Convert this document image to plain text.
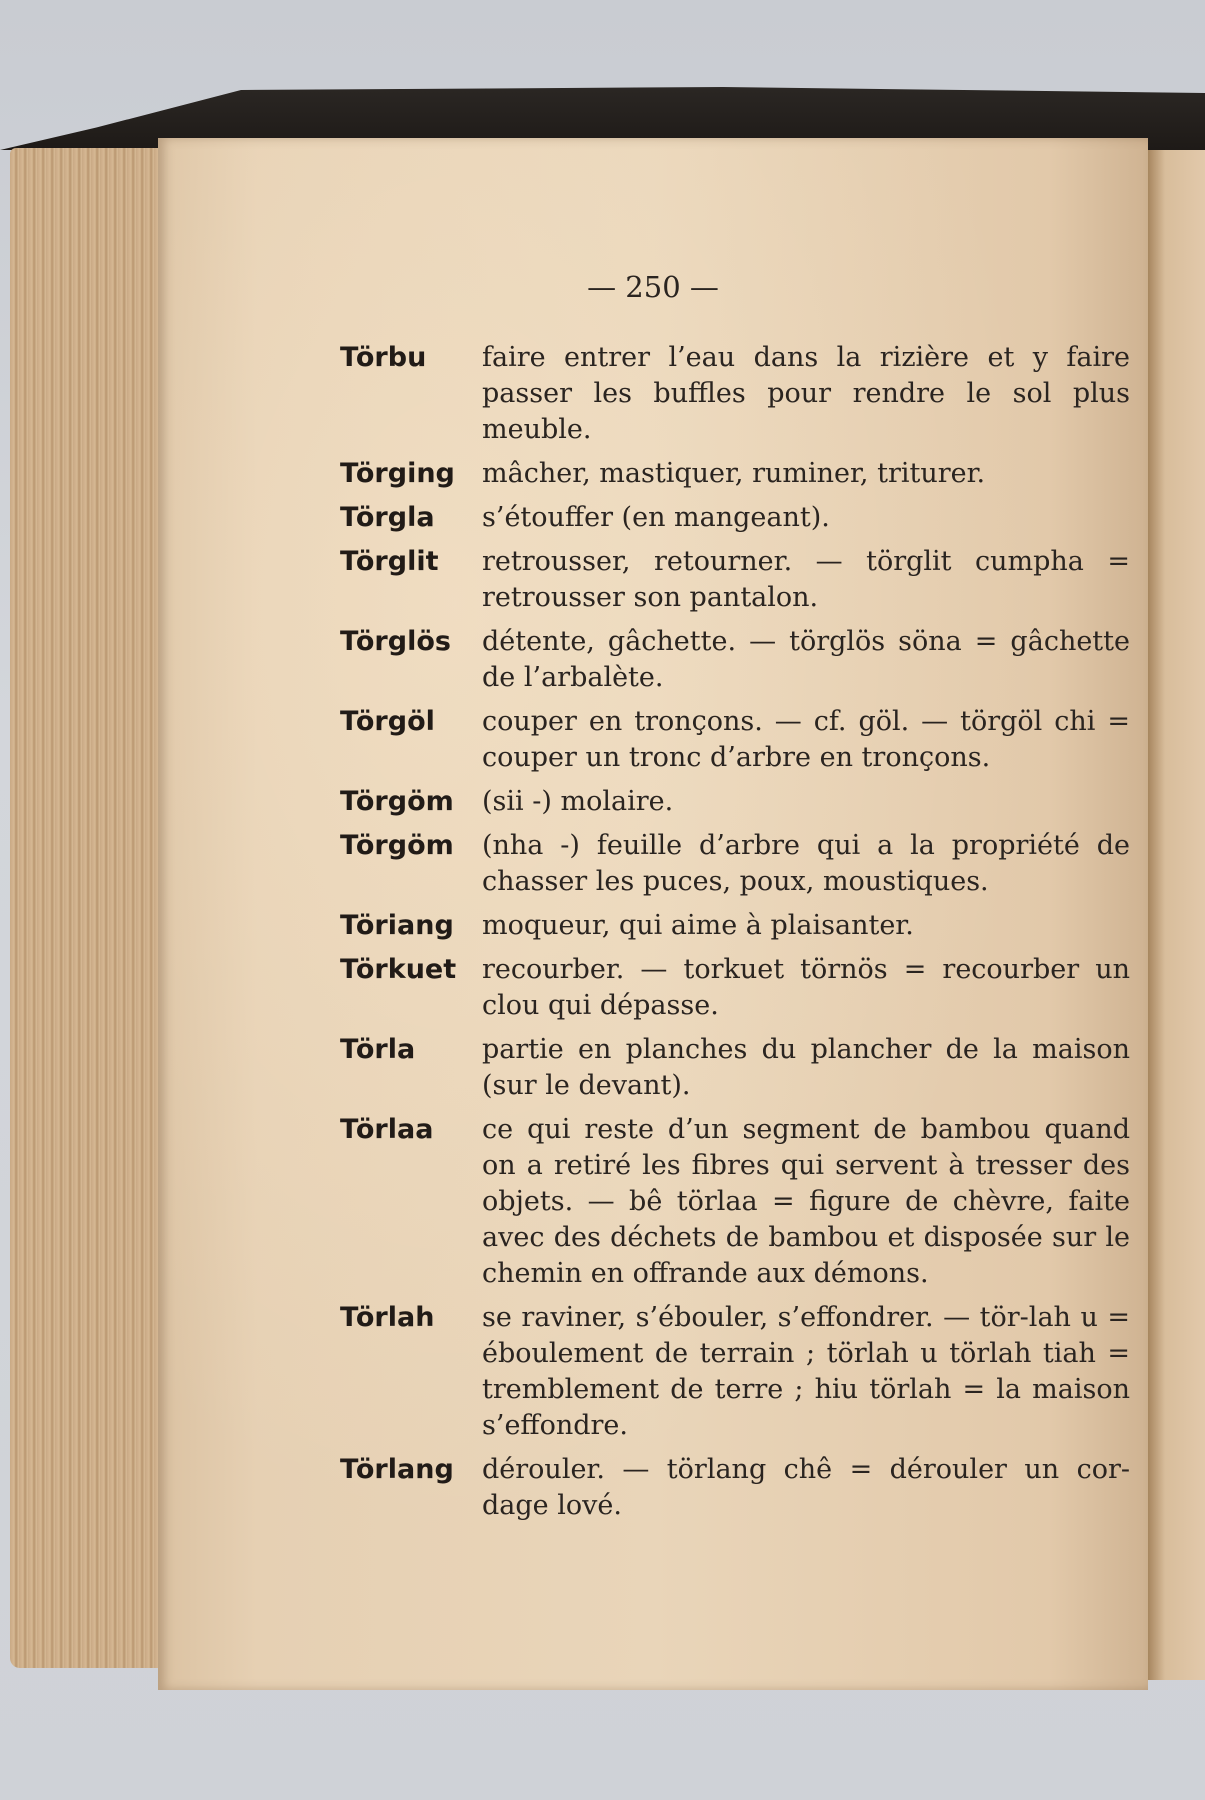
— 250 —
Törbu	faire entrer l’eau dans la rizière et y faire passer les buffles pour rendre le sol plus meuble.
Törging	mâcher, mastiquer, ruminer, triturer.
Törgla	s’étouffer (en mangeant).
Törglit	retrousser, retourner. — törglit cumpha = retrousser son pantalon.
Törglös	détente, gâchette. — törglös söna = gâchette de l’arbalète.
Törgöl	couper en tronçons. — cf. göl. — törgöl chi = couper un tronc d’arbre en tronçons.
Törgöm	(sii -) molaire.
Törgöm	(nha -) feuille d’arbre qui a la propriété de chasser les puces, poux, moustiques.
Töriang	moqueur, qui aime à plaisanter.
Törkuet recourber. — torkuet törnös = recourber un clou qui dépasse.
Törla	partie en planches du plancher de la maison (sur le devant).
Törlaa	ce qui reste d’un segment de bambou quand on a retiré les fibres qui servent à tresser des objets. — bê törlaa = figure de chèvre, faite avec des déchets de bambou et disposée sur le chemin en offrande aux démons.
Törlah	se raviner, s’ébouler, s’effondrer. — tör-lah u = éboulement de terrain ; törlah u törlah tiah = tremblement de terre ; hiu törlah = la maison s’effondre.
Törlang	dérouler. — törlang chê = dérouler un cor-dage lové.
